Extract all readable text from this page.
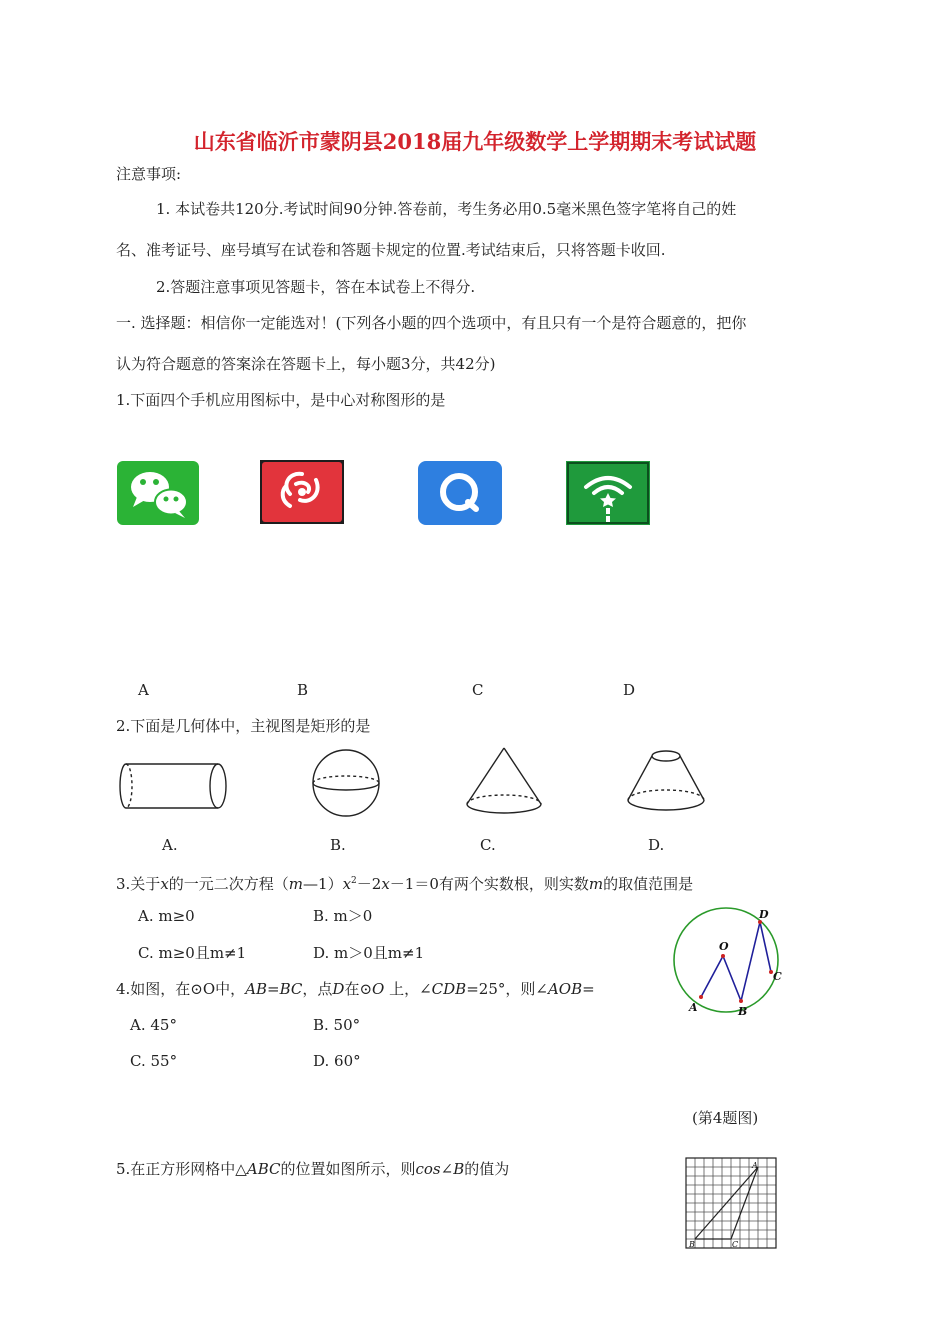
山东省临沂市蒙阴县2018届九年级数学上学期期末考试试题
注意事项:
1. 本试卷共120分.考试时间90分钟.答卷前，考生务必用0.5毫米黑色签字笔将自己的姓
名、准考证号、座号填写在试卷和答题卡规定的位置.考试结束后，只将答题卡收回.
2.答题注意事项见答题卡，答在本试卷上不得分.
一. 选择题：相信你一定能选对！(下列各小题的四个选项中，有且只有一个是符合题意的，把你
认为符合题意的答案涂在答题卡上，每小题3分，共42分)
1.下面四个手机应用图标中，是中心对称图形的是
A	B	C	D
2.下面是几何体中，主视图是矩形的是
A.	B.	C.	D.
3.关于x的一元二次方程$(m—1)x^2-2x-1=0$有两个实数根，则实数m的取值范围是
A. m≥0	B. m＞0
C. m≥0且m≠1	D. m＞0且m≠1
4.如图，在⊙O中，AB=BC，点D在⊙O 上，∠CDB=25°，则∠AOB=
A. 45°	B. 50°
C. 55°	D. 60°
O
A	B
C
D
(第4题图)
5.在正方形网格中△ABC的位置如图所示，则cos∠B的值为	A
B	C
